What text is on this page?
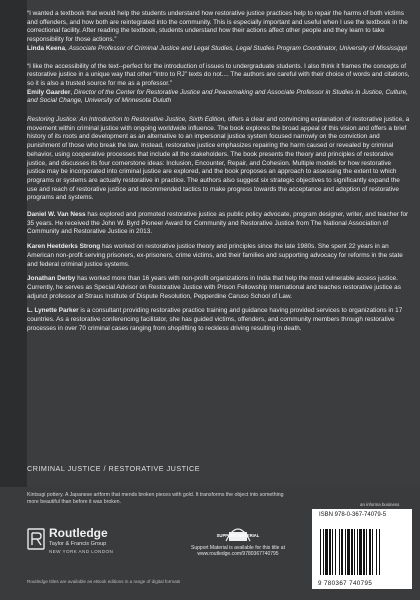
“I wanted a textbook that would help the students understand how restorative justice practices help to repair the harms of both victims and offenders, and how both are reintegrated into the community. This is especially important and useful when I use the textbook in the correctional facility. After reading the textbook, students understand how their actions affect other people and they learn to take responsibility for those actions.”

Linda Keena, Associate Professor of Criminal Justice and Legal Studies, Legal Studies Program Coordinator, University of Mississippi

“I like the accessibility of the text--perfect for the introduction of issues to undergraduate students. I also think it frames the concepts of restorative justice in a unique way that other “intro to RJ” texts do not.... The authors are careful with their choice of words and citations, so it is also a trusted source for me as a professor.”

Emily Gaarder, Director of the Center for Restorative Justice and Peacemaking and Associate Professor in Studies in Justice, Culture, and Social Change, University of Minnesota Duluth

Restoring Justice: An Introduction to Restorative Justice, Sixth Edition, offers a clear and convincing explanation of restorative justice, a movement within criminal justice with ongoing worldwide influence. The book explores the broad appeal of this vision and offers a brief history of its roots and development as an alternative to an impersonal justice system focused narrowly on the conviction and punishment of those who break the law. Instead, restorative justice emphasizes repairing the harm caused or revealed by criminal behavior, using cooperative processes that include all the stakeholders. The book presents the theory and principles of restorative justice, and discusses its four cornerstone ideas: Inclusion, Encounter, Repair, and Cohesion. Multiple models for how restorative justice may be incorporated into criminal justice are explored, and the book proposes an approach to assessing the extent to which programs or systems are actually restorative in practice. The authors also suggest six strategic objectives to significantly expand the use and reach of restorative justice and recommended tactics to make progress towards the acceptance and adoption of restorative programs and systems.

Daniel W. Van Ness has explored and promoted restorative justice as public policy advocate, program designer, writer, and teacher for 35 years. He received the John W. Byrd Pioneer Award for Community and Restorative Justice from The National Association of Community and Restorative Justice in 2013.

Karen Heetderks Strong has worked on restorative justice theory and principles since the late 1980s. She spent 22 years in an American non-profit serving prisoners, ex-prisoners, crime victims, and their families and supporting advocacy for reforms in the state and federal criminal justice systems.

Jonathan Derby has worked more than 16 years with non-profit organizations in India that help the most vulnerable access justice. Currently, he serves as Special Advisor on Restorative Justice with Prison Fellowship International and teaches restorative justice as adjunct professor at Straus Institute of Dispute Resolution, Pepperdine Caruso School of Law.

L. Lynette Parker is a consultant providing restorative practice training and guidance having provided services to organizations in 17 countries. As a restorative conferencing facilitator, she has guided victims, offenders, and community members through restorative processes in over 70 criminal cases ranging from shoplifting to reckless driving resulting in death.

CRIMINAL JUSTICE / RESTORATIVE JUSTICE
Kintsugi pottery. A Japanese artform that mends broken pieces with gold. It transforms the object into something more beautiful than before it was broken.
Routledge
Taylor & Francis Group
NEW YORK AND LONDON
SUPPORT MATERIAL
Support Material is available for this title at
www.routledge.com/9780367740795
Routledge titles are available as eBook editions in a range of digital formats
an informa business
ISBN 978-0-367-74079-5
9 780367 740795
